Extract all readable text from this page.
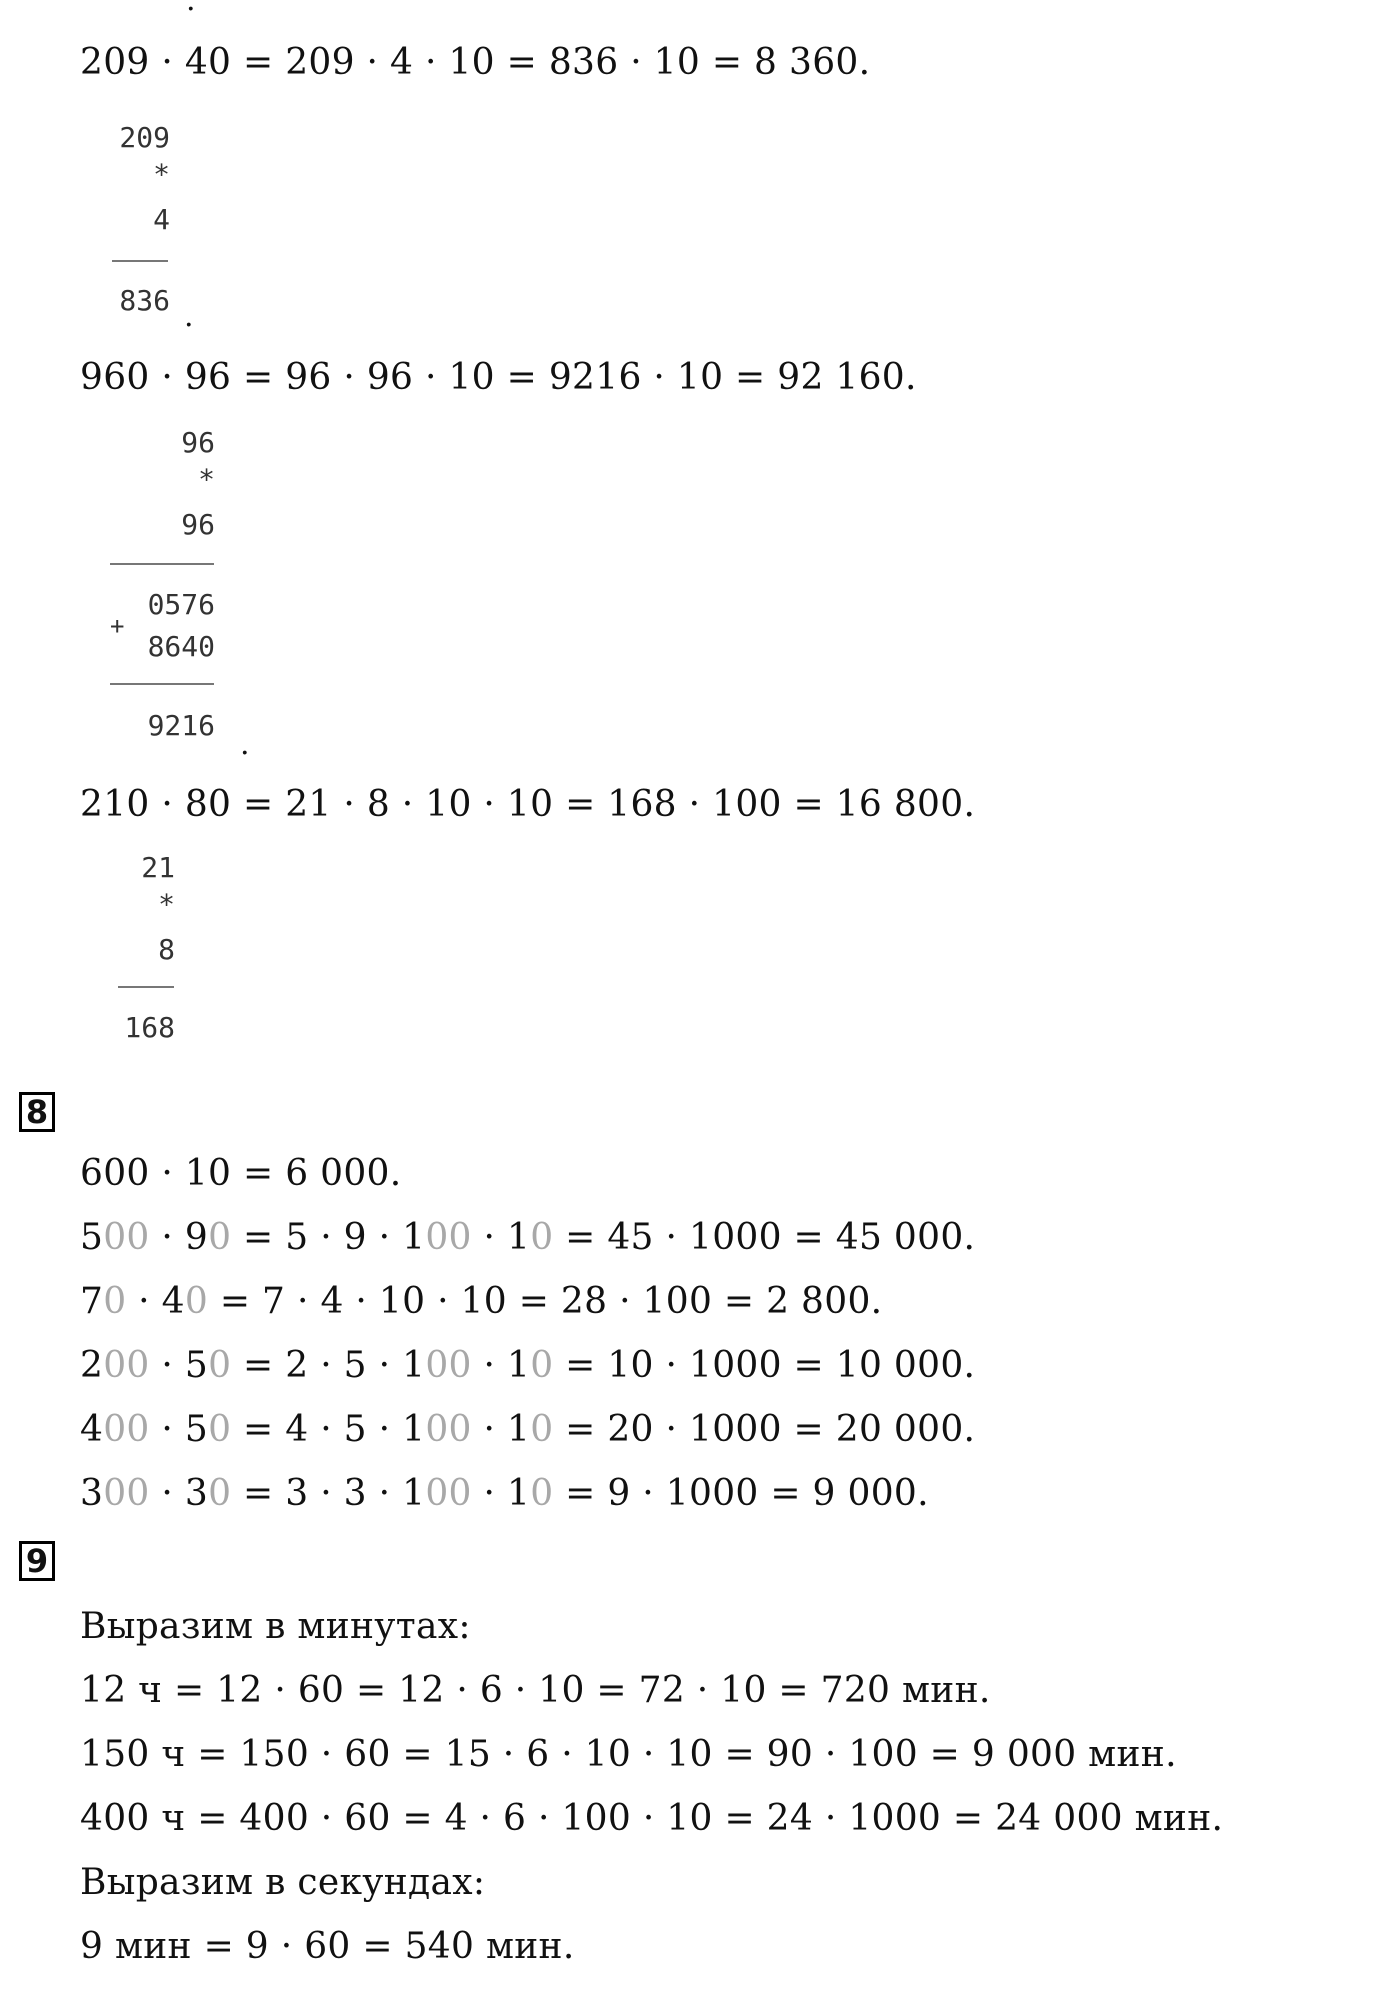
.
.
.
209 · 40 = 209 · 4 · 10 = 836 · 10 = 8 360.
209
*
4
836
960 · 96 = 96 · 96 · 10 = 9216 · 10 = 92 160.
96
*
96
0576
+
8640
9216
210 · 80 = 21 · 8 · 10 · 10 = 168 · 100 = 16 800.
21
*
8
168
8
600 · 10 = 6 000.
500 · 90 = 5 · 9 · 100 · 10 = 45 · 1000 = 45 000.
70 · 40 = 7 · 4 · 10 · 10 = 28 · 100 = 2 800.
200 · 50 = 2 · 5 · 100 · 10 = 10 · 1000 = 10 000.
400 · 50 = 4 · 5 · 100 · 10 = 20 · 1000 = 20 000.
300 · 30 = 3 · 3 · 100 · 10 = 9 · 1000 = 9 000.
9
Выразим в минутах:
12 ч = 12 · 60 = 12 · 6 · 10 = 72 · 10 = 720 мин.
150 ч = 150 · 60 = 15 · 6 · 10 · 10 = 90 · 100 = 9 000 мин.
400 ч = 400 · 60 = 4 · 6 · 100 · 10 = 24 · 1000 = 24 000 мин.
Выразим в секундах:
9 мин = 9 · 60 = 540 мин.
